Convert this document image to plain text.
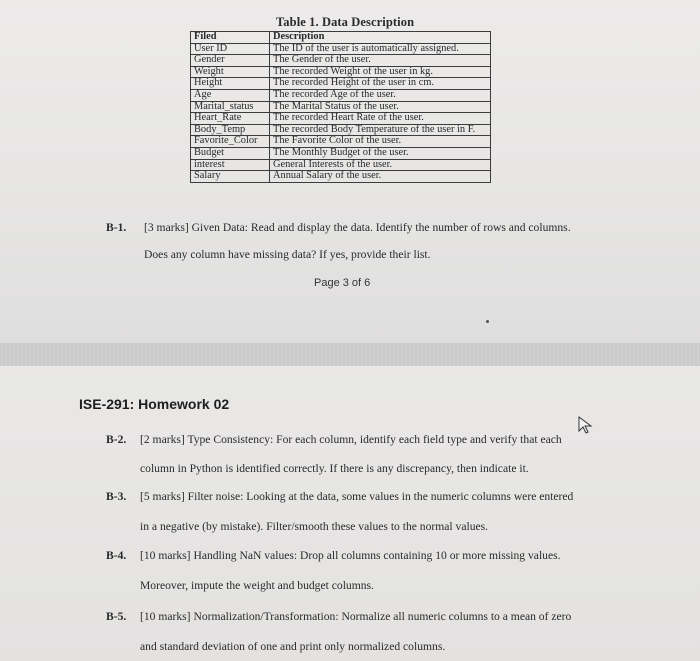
Table 1. Data Description
Filed	Description
User ID	The ID of the user is automatically assigned.
Gender	The Gender of the user.
Weight	The recorded Weight of the user in kg.
Height	The recorded Height of the user in cm.
Age	The recorded Age of the user.
Marital_status	The Marital Status of the user.
Heart_Rate	The recorded Heart Rate of the user.
Body_Temp	The recorded Body Temperature of the user in F.
Favorite_Color	The Favorite Color of the user.
Budget	The Monthly Budget of the user.
interest	General Interests of the user.
Salary	Annual Salary of the user.
B-1. [3 marks] Given Data: Read and display the data. Identify the number of rows and columns.
Does any column have missing data? If yes, provide their list.
Page 3 of 6
ISE-291: Homework 02
B-2. [2 marks] Type Consistency: For each column, identify each field type and verify that each
column in Python is identified correctly. If there is any discrepancy, then indicate it.
B-3. [5 marks] Filter noise: Looking at the data, some values in the numeric columns were entered
in a negative (by mistake). Filter/smooth these values to the normal values.
B-4. [10 marks] Handling NaN values: Drop all columns containing 10 or more missing values.
Moreover, impute the weight and budget columns.
B-5. [10 marks] Normalization/Transformation: Normalize all numeric columns to a mean of zero
and standard deviation of one and print only normalized columns.
